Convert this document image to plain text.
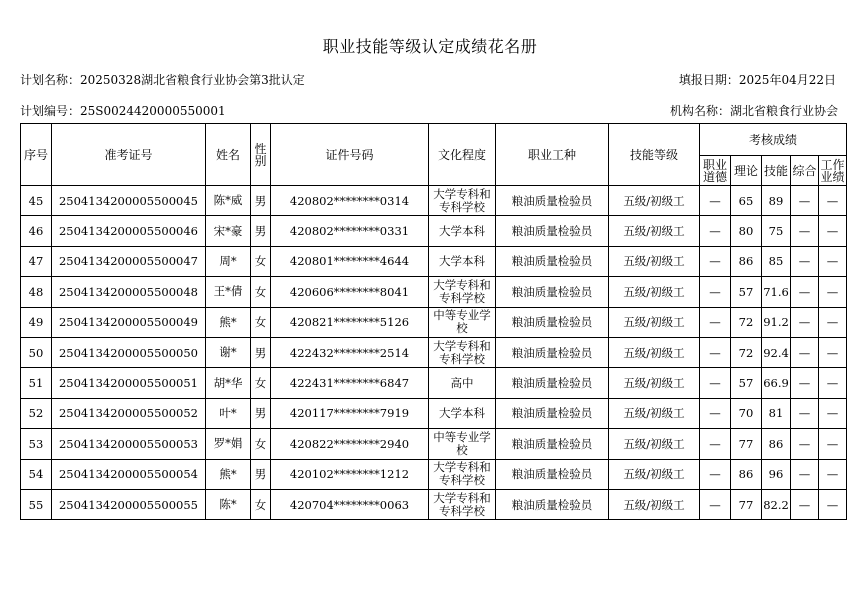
职业技能等级认定成绩花名册
计划名称：20250328湖北省粮食行业协会第3批认定	填报日期：2025年04月22日
计划编号：25S0024420000550001	机构名称：湖北省粮食行业协会
序号	准考证号	姓名	性别	证件号码	文化程度	职业工种	技能等级	考核成绩				
								职业道德	理论	技能	综合	工作业绩
45	2504134200005500045	陈*威	男	420802********0314	大学专科和专科学校	粮油质量检验员	五级/初级工	—	65	89	—	—
46	2504134200005500046	宋*豪	男	420802********0331	大学本科	粮油质量检验员	五级/初级工	—	80	75	—	—
47	2504134200005500047	周*	女	420801********4644	大学本科	粮油质量检验员	五级/初级工	—	86	85	—	—
48	2504134200005500048	王*倩	女	420606********8041	大学专科和专科学校	粮油质量检验员	五级/初级工	—	57	71.6	—	—
49	2504134200005500049	熊*	女	420821********5126	中等专业学校	粮油质量检验员	五级/初级工	—	72	91.2	—	—
50	2504134200005500050	谢*	男	422432********2514	大学专科和专科学校	粮油质量检验员	五级/初级工	—	72	92.4	—	—
51	2504134200005500051	胡*华	女	422431********6847	高中	粮油质量检验员	五级/初级工	—	57	66.9	—	—
52	2504134200005500052	叶*	男	420117********7919	大学本科	粮油质量检验员	五级/初级工	—	70	81	—	—
53	2504134200005500053	罗*娟	女	420822********2940	中等专业学校	粮油质量检验员	五级/初级工	—	77	86	—	—
54	2504134200005500054	熊*	男	420102********1212	大学专科和专科学校	粮油质量检验员	五级/初级工	—	86	96	—	—
55	2504134200005500055	陈*	女	420704********0063	大学专科和专科学校	粮油质量检验员	五级/初级工	—	77	82.2	—	—
